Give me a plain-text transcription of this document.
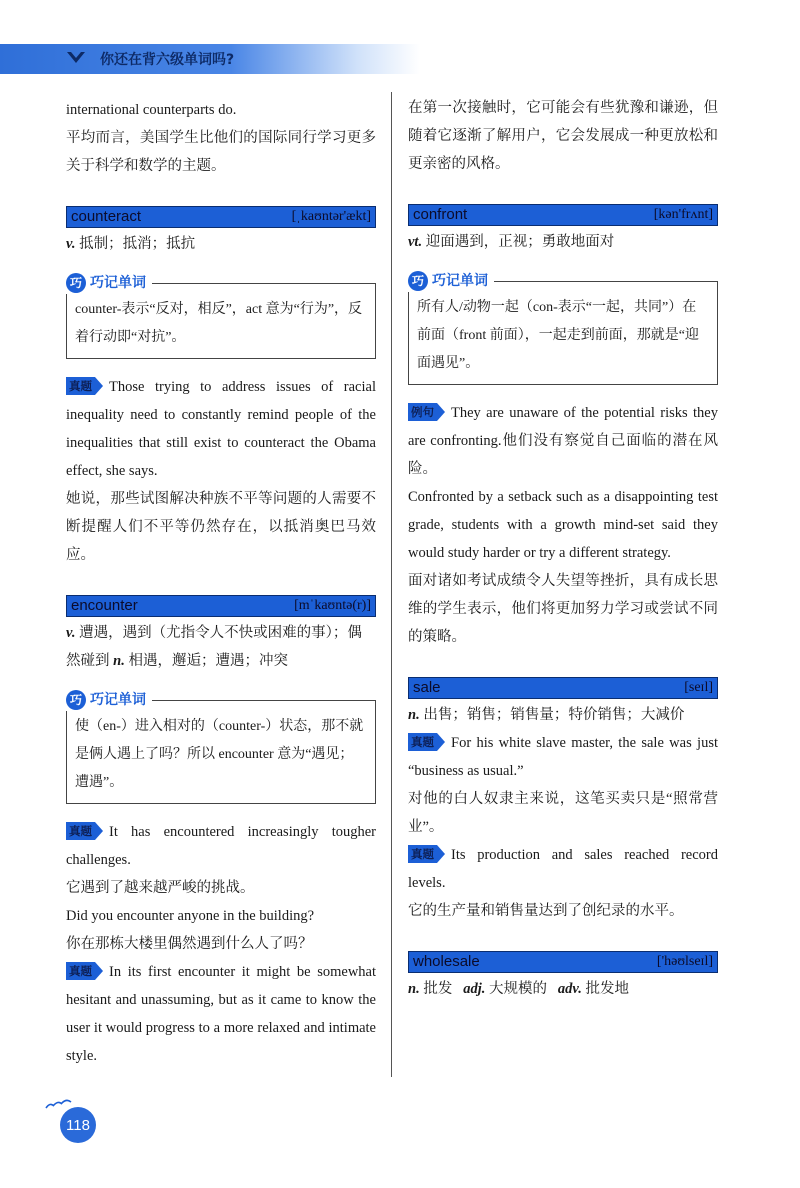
你还在背六级单词吗?

international counterparts do.

平均而言，美国学生比他们的国际同行学习更多关于科学和数学的主题。

counteract	[ˌkaʊntər'ækt]

v. 抵制；抵消；抵抗

巧 巧记单词
counter-表示“反对，相反”，act 意为“行为”，反着行动即“对抗”。

真题 Those trying to address issues of racial inequality need to constantly remind people of the inequalities that still exist to counteract the Obama effect, she says.

她说，那些试图解决种族不平等问题的人需要不断提醒人们不平等仍然存在，以抵消奥巴马效应。

encounter	[mˈkaʊntə(r)]

v. 遭遇，遇到（尤指令人不快或困难的事）；偶然碰到 n. 相遇，邂逅；遭遇；冲突

巧 巧记单词
使（en-）进入相对的（counter-）状态，那不就是俩人遇上了吗？所以 encounter 意为“遇见；遭遇”。

真题 It has encountered increasingly tougher challenges.

它遇到了越来越严峻的挑战。

Did you encounter anyone in the building?

你在那栋大楼里偶然遇到什么人了吗？

真题 In its first encounter it might be somewhat hesitant and unassuming, but as it came to know the user it would progress to a more relaxed and intimate style.

在第一次接触时，它可能会有些犹豫和谦逊，但随着它逐渐了解用户，它会发展成一种更放松和更亲密的风格。

confront	[kən'frʌnt]

vt. 迎面遇到，正视；勇敢地面对

巧 巧记单词
所有人/动物一起（con-表示“一起，共同”）在前面（front 前面），一起走到前面，那就是“迎面遇见”。

例句 They are unaware of the potential risks they are confronting.他们没有察觉自己面临的潜在风险。

Confronted by a setback such as a disappointing test grade, students with a growth mind-set said they would study harder or try a different strategy.

面对诸如考试成绩令人失望等挫折，具有成长思维的学生表示，他们将更加努力学习或尝试不同的策略。

sale	[seɪl]

n. 出售；销售；销售量；特价销售；大减价

真题 For his white slave master, the sale was just “business as usual.”

对他的白人奴隶主来说，这笔买卖只是“照常营业”。

真题 Its production and sales reached record levels.

它的生产量和销售量达到了创纪录的水平。

wholesale	['həʊlseɪl]

n. 批发 adj. 大规模的 adv. 批发地

118
